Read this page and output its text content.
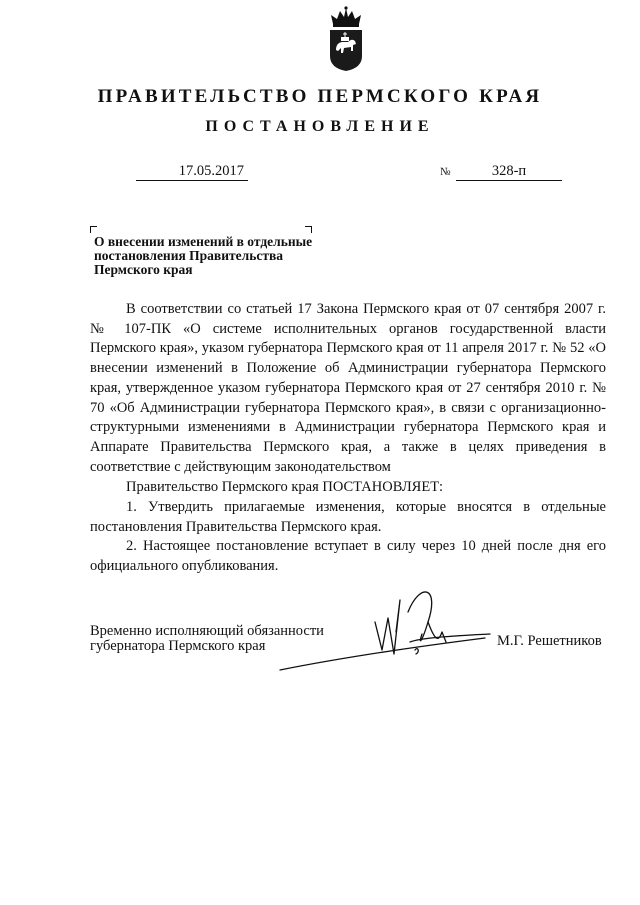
ПРАВИТЕЛЬСТВО ПЕРМСКОГО КРАЯ
ПОСТАНОВЛЕНИЕ
17.05.2017	№	328-п
О внесении изменений в отдельные
постановления Правительства
Пермского края

В соответствии со статьей 17 Закона Пермского края от 07 сентября 2007 г. № 107-ПК «О системе исполнительных органов государственной власти Пермского края», указом губернатора Пермского края от 11 апреля 2017 г. № 52 «О внесении изменений в Положение об Администрации губернатора Пермского края, утвержденное указом губернатора Пермского края от 27 сентября 2010 г. № 70 «Об Администрации губернатора Пермского края», в связи с организационно-структурными изменениями в Администрации губернатора Пермского края и Аппарате Правительства Пермского края, а также в целях приведения в соответствие с действующим законодательством

Правительство Пермского края ПОСТАНОВЛЯЕТ:

1. Утвердить прилагаемые изменения, которые вносятся в отдельные постановления Правительства Пермского края.

2. Настоящее постановление вступает в силу через 10 дней после дня его официального опубликования.

Временно исполняющий обязанности
губернатора Пермского края	М.Г. Решетников
